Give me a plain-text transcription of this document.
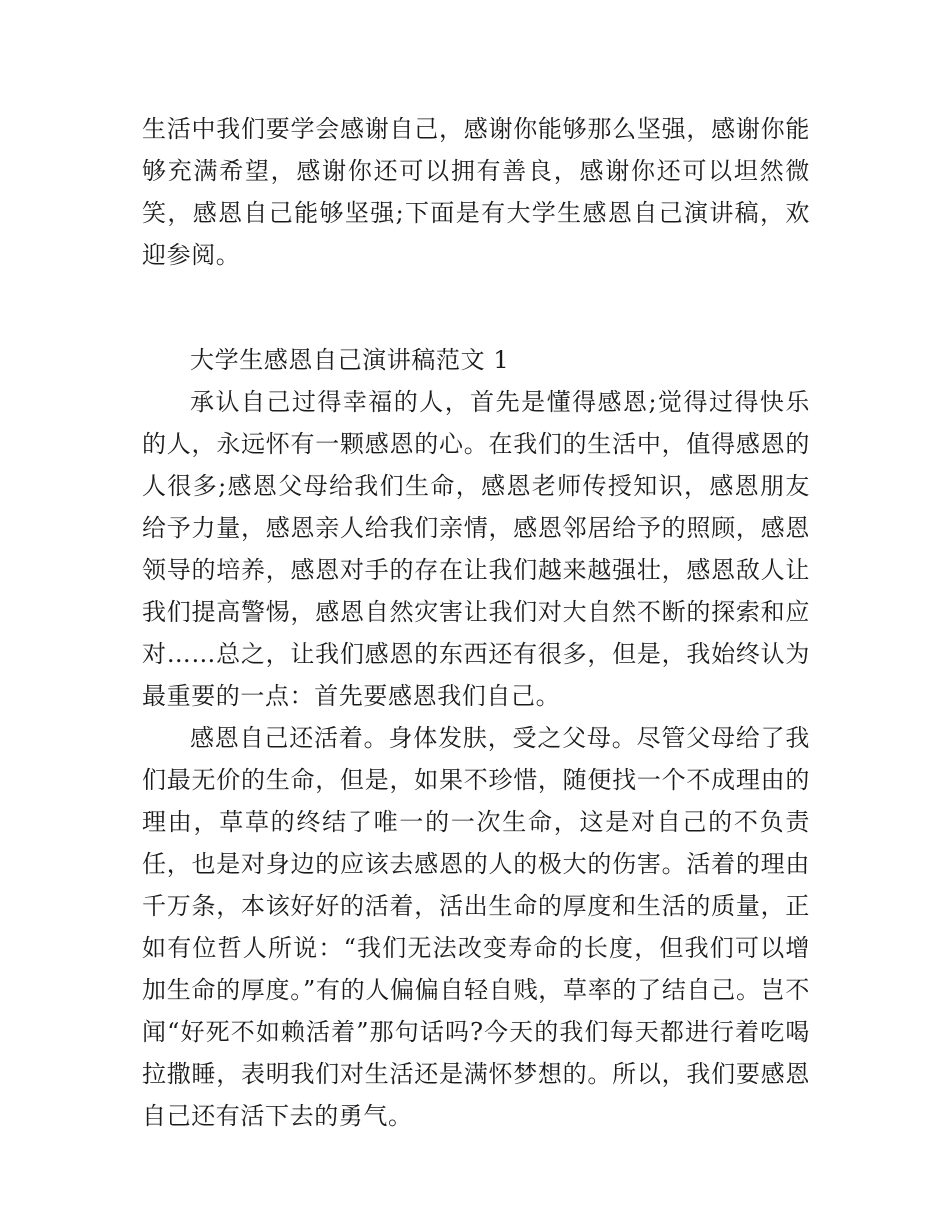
生活中我们要学会感谢自己，感谢你能够那么坚强，感谢你能够充满希望，感谢你还可以拥有善良，感谢你还可以坦然微笑，感恩自己能够坚强;下面是有大学生感恩自己演讲稿，欢迎参阅。

大学生感恩自己演讲稿范文 1

承认自己过得幸福的人，首先是懂得感恩;觉得过得快乐的人，永远怀有一颗感恩的心。在我们的生活中，值得感恩的人很多;感恩父母给我们生命，感恩老师传授知识，感恩朋友给予力量，感恩亲人给我们亲情，感恩邻居给予的照顾，感恩领导的培养，感恩对手的存在让我们越来越强壮，感恩敌人让我们提高警惕，感恩自然灾害让我们对大自然不断的探索和应对……总之，让我们感恩的东西还有很多，但是，我始终认为最重要的一点：首先要感恩我们自己。

感恩自己还活着。身体发肤，受之父母。尽管父母给了我们最无价的生命，但是，如果不珍惜，随便找一个不成理由的理由，草草的终结了唯一的一次生命，这是对自己的不负责任，也是对身边的应该去感恩的人的极大的伤害。活着的理由千万条，本该好好的活着，活出生命的厚度和生活的质量，正如有位哲人所说：“我们无法改变寿命的长度，但我们可以增加生命的厚度。”有的人偏偏自轻自贱，草率的了结自己。岂不闻“好死不如赖活着”那句话吗?今天的我们每天都进行着吃喝拉撒睡，表明我们对生活还是满怀梦想的。所以，我们要感恩自己还有活下去的勇气。
